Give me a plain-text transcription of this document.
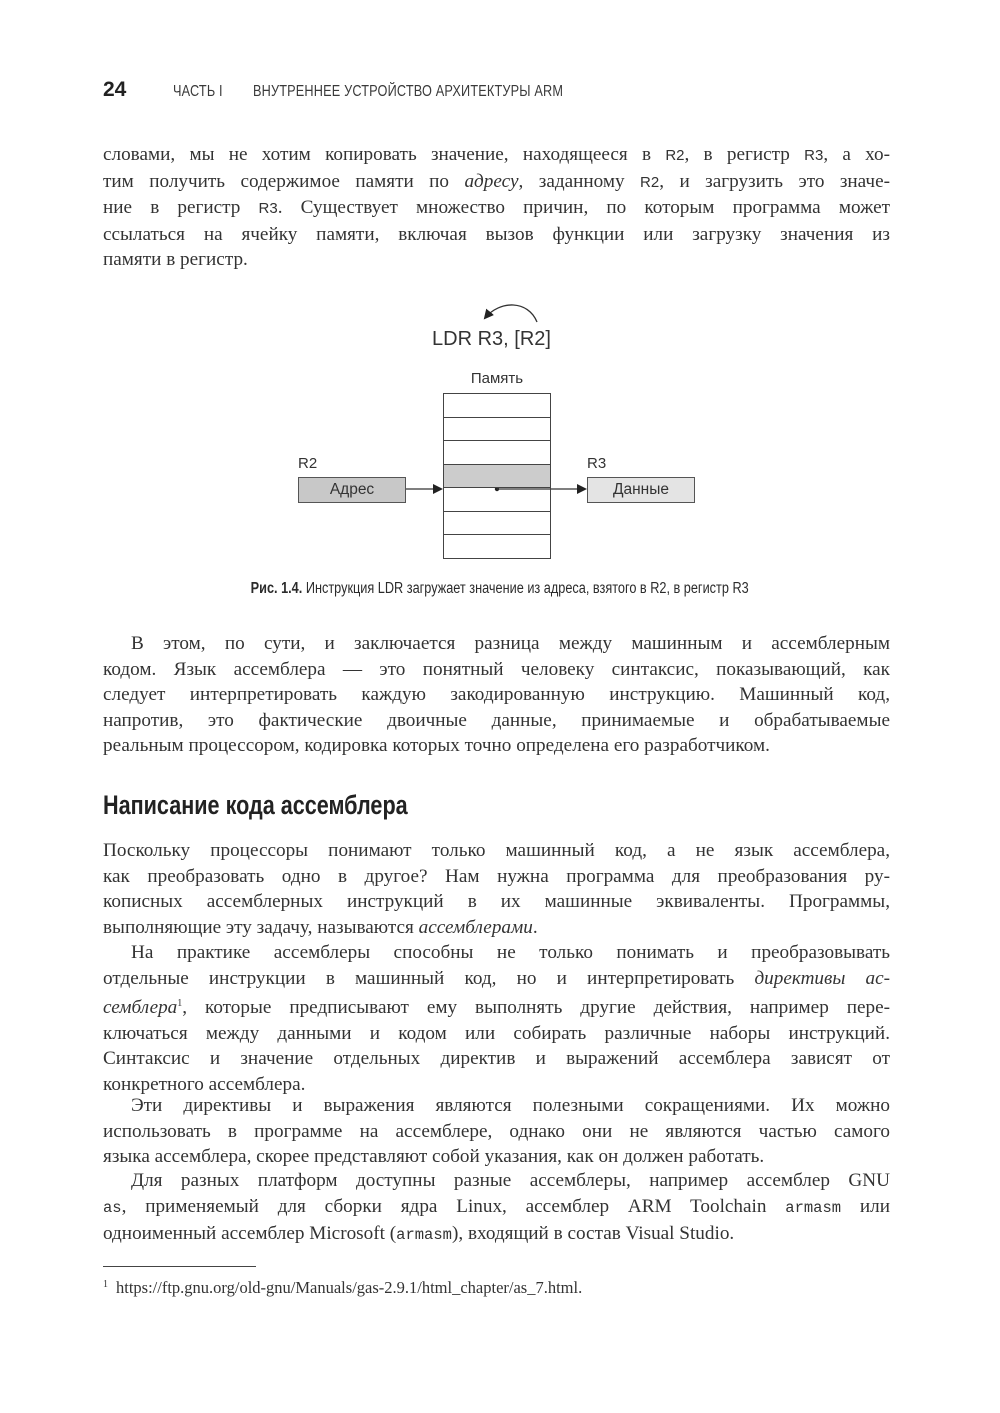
24	ЧАСТЬ I ВНУТРЕННЕЕ УСТРОЙСТВО АРХИТЕКТУРЫ ARM
словами, мы не хотим копировать значение, находящееся в R2, в регистр R3, а хо-
тим получить содержимое памяти по адресу, заданному R2, и загрузить это значе-
ние в регистр R3. Существует множество причин, по которым программа может
ссылаться на ячейку памяти, включая вызов функции или загрузку значения из
памяти в регистр.
LDR R3, [R2]
Память
R2
Адрес
R3
Данные
Рис. 1.4. Инструкция LDR загружает значение из адреса, взятого в R2, в регистр R3
В этом, по сути, и заключается разница между машинным и ассемблерным
кодом. Язык ассемблера — это понятный человеку синтаксис, показывающий, как
следует интерпретировать каждую закодированную инструкцию. Машинный код,
напротив, это фактические двоичные данные, принимаемые и обрабатываемые
реальным процессором, кодировка которых точно определена его разработчиком.
Написание кода ассемблера
Поскольку процессоры понимают только машинный код, а не язык ассемблера,
как преобразовать одно в другое? Нам нужна программа для преобразования ру-
кописных ассемблерных инструкций в их машинные эквиваленты. Программы,
выполняющие эту задачу, называются ассемблерами.
На практике ассемблеры способны не только понимать и преобразовывать
отдельные инструкции в машинный код, но и интерпретировать директивы ас-
семблера$^1$, которые предписывают ему выполнять другие действия, например пере-
ключаться между данными и кодом или собирать различные наборы инструкций.
Синтаксис и значение отдельных директив и выражений ассемблера зависят от
конкретного ассемблера.
Эти директивы и выражения являются полезными сокращениями. Их можно
использовать в программе на ассемблере, однако они не являются частью самого
языка ассемблера, скорее представляют собой указания, как он должен работать.
Для разных платформ доступны разные ассемблеры, например ассемблер GNU
as, применяемый для сборки ядра Linux, ассемблер ARM Toolchain armasm или
одноименный ассемблер Microsoft (armasm), входящий в состав Visual Studio.
$^1$ https://ftp.gnu.org/old-gnu/Manuals/gas-2.9.1/html_chapter/as_7.html.
